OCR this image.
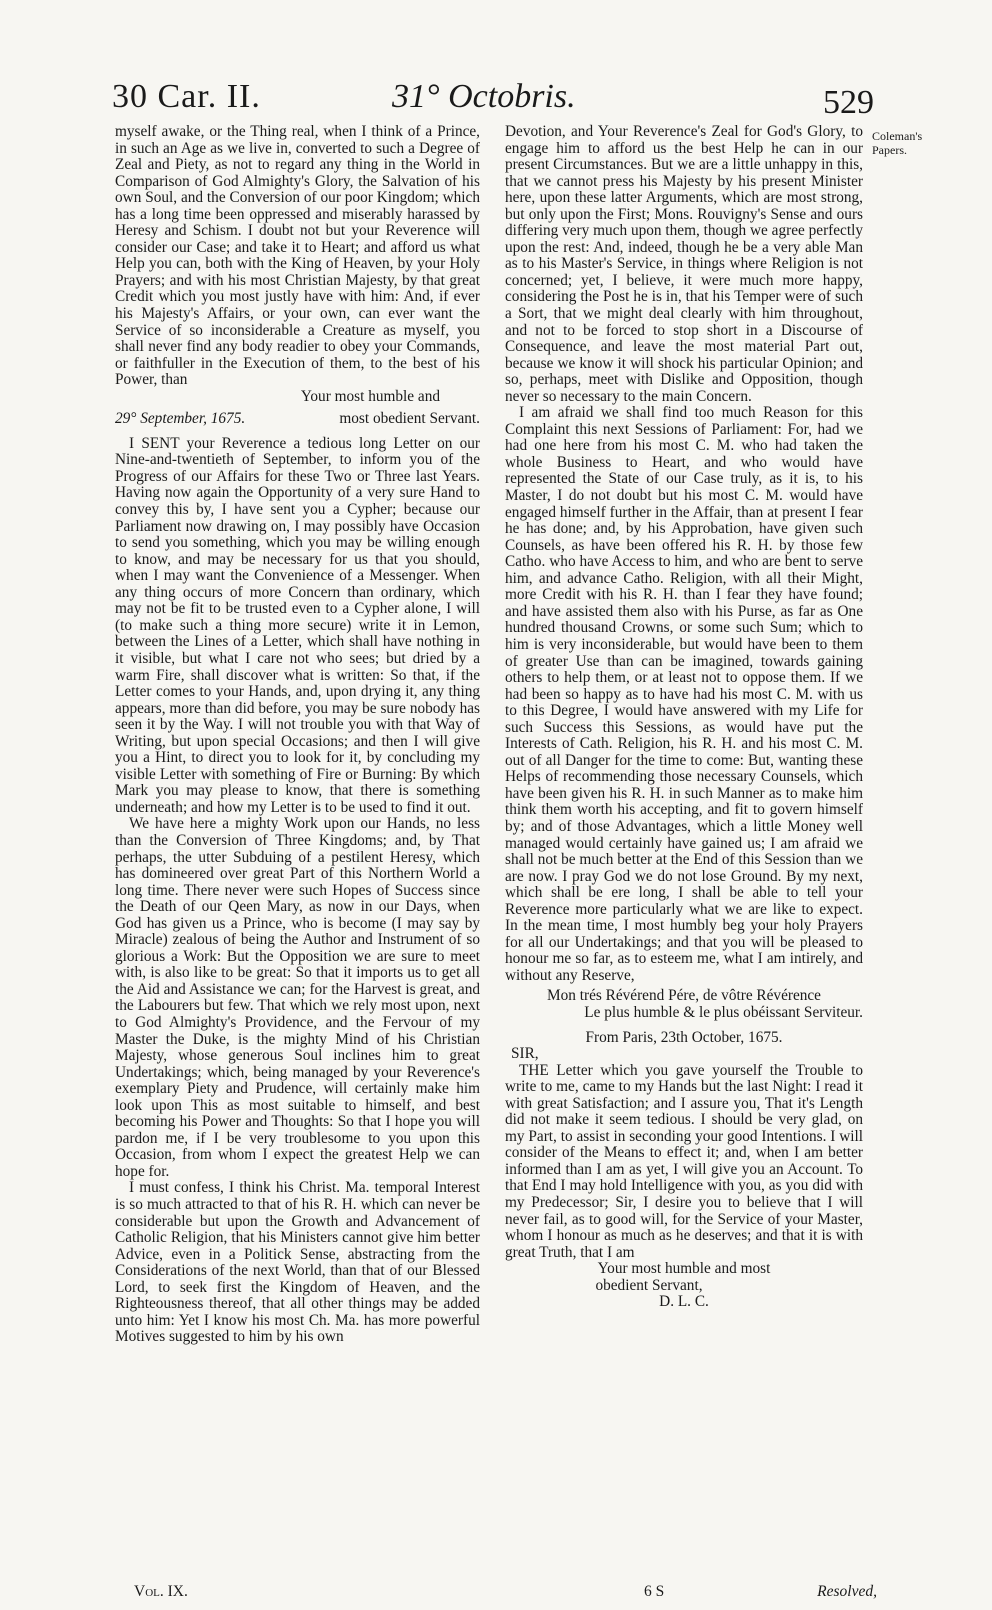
30 Car. II.	31° Octobris.	529

myself awake, or the Thing real, when I think of a Prince, in such an Age as we live in, converted to such a Degree of Zeal and Piety, as not to regard any thing in the World in Comparison of God Almighty's Glory, the Salvation of his own Soul, and the Conversion of our poor Kingdom; which has a long time been oppressed and miserably harassed by Heresy and Schism. I doubt not but your Reverence will consider our Case; and take it to Heart; and afford us what Help you can, both with the King of Heaven, by your Holy Prayers; and with his most Christian Majesty, by that great Credit which you most justly have with him: And, if ever his Majesty's Affairs, or your own, can ever want the Service of so inconsiderable a Creature as myself, you shall never find any body readier to obey your Commands, or faithfuller in the Execution of them, to the best of his Power, than

Your most humble and
29° September, 1675.	most obedient Servant.

I SENT your Reverence a tedious long Letter on our Nine-and-twentieth of September, to inform you of the Progress of our Affairs for these Two or Three last Years. Having now again the Opportunity of a very sure Hand to convey this by, I have sent you a Cypher; because our Parliament now drawing on, I may possibly have Occasion to send you something, which you may be willing enough to know, and may be necessary for us that you should, when I may want the Convenience of a Messenger. When any thing occurs of more Concern than ordinary, which may not be fit to be trusted even to a Cypher alone, I will (to make such a thing more secure) write it in Lemon, between the Lines of a Letter, which shall have nothing in it visible, but what I care not who sees; but dried by a warm Fire, shall discover what is written: So that, if the Letter comes to your Hands, and, upon drying it, any thing appears, more than did before, you may be sure nobody has seen it by the Way. I will not trouble you with that Way of Writing, but upon special Occasions; and then I will give you a Hint, to direct you to look for it, by concluding my visible Letter with something of Fire or Burning: By which Mark you may please to know, that there is something underneath; and how my Letter is to be used to find it out.

We have here a mighty Work upon our Hands, no less than the Conversion of Three Kingdoms; and, by That perhaps, the utter Subduing of a pestilent Heresy, which has domineered over great Part of this Northern World a long time. There never were such Hopes of Success since the Death of our Qeen Mary, as now in our Days, when God has given us a Prince, who is become (I may say by Miracle) zealous of being the Author and Instrument of so glorious a Work: But the Opposition we are sure to meet with, is also like to be great: So that it imports us to get all the Aid and Assistance we can; for the Harvest is great, and the Labourers but few. That which we rely most upon, next to God Almighty's Providence, and the Fervour of my Master the Duke, is the mighty Mind of his Christian Majesty, whose generous Soul inclines him to great Undertakings; which, being managed by your Reverence's exemplary Piety and Prudence, will certainly make him look upon This as most suitable to himself, and best becoming his Power and Thoughts: So that I hope you will pardon me, if I be very troublesome to you upon this Occasion, from whom I expect the greatest Help we can hope for.

I must confess, I think his Christ. Ma. temporal Interest is so much attracted to that of his R. H. which can never be considerable but upon the Growth and Advancement of Catholic Religion, that his Ministers cannot give him better Advice, even in a Politick Sense, abstracting from the Considerations of the next World, than that of our Blessed Lord, to seek first the Kingdom of Heaven, and the Righteousness thereof, that all other things may be added unto him: Yet I know his most Ch. Ma. has more powerful Motives suggested to him by his own

Devotion, and Your Reverence's Zeal for God's Glory, to engage him to afford us the best Help he can in our present Circumstances. But we are a little unhappy in this, that we cannot press his Majesty by his present Minister here, upon these latter Arguments, which are most strong, but only upon the First; Mons. Rouvigny's Sense and ours differing very much upon them, though we agree perfectly upon the rest: And, indeed, though he be a very able Man as to his Master's Service, in things where Religion is not concerned; yet, I believe, it were much more happy, considering the Post he is in, that his Temper were of such a Sort, that we might deal clearly with him throughout, and not to be forced to stop short in a Discourse of Consequence, and leave the most material Part out, because we know it will shock his particular Opinion; and so, perhaps, meet with Dislike and Opposition, though never so necessary to the main Concern.

I am afraid we shall find too much Reason for this Complaint this next Sessions of Parliament: For, had we had one here from his most C. M. who had taken the whole Business to Heart, and who would have represented the State of our Case truly, as it is, to his Master, I do not doubt but his most C. M. would have engaged himself further in the Affair, than at present I fear he has done; and, by his Approbation, have given such Counsels, as have been offered his R. H. by those few Catho. who have Access to him, and who are bent to serve him, and advance Catho. Religion, with all their Might, more Credit with his R. H. than I fear they have found; and have assisted them also with his Purse, as far as One hundred thousand Crowns, or some such Sum; which to him is very inconsiderable, but would have been to them of greater Use than can be imagined, towards gaining others to help them, or at least not to oppose them. If we had been so happy as to have had his most C. M. with us to this Degree, I would have answered with my Life for such Success this Sessions, as would have put the Interests of Cath. Religion, his R. H. and his most C. M. out of all Danger for the time to come: But, wanting these Helps of recommending those necessary Counsels, which have been given his R. H. in such Manner as to make him think them worth his accepting, and fit to govern himself by; and of those Advantages, which a little Money well managed would certainly have gained us; I am afraid we shall not be much better at the End of this Session than we are now. I pray God we do not lose Ground. By my next, which shall be ere long, I shall be able to tell your Reverence more particularly what we are like to expect. In the mean time, I most humbly beg your holy Prayers for all our Undertakings; and that you will be pleased to honour me so far, as to esteem me, what I am intirely, and without any Reserve,

Mon trés Révérend Pére, de vôtre Révérence
Le plus humble & le plus obéissant Serviteur.
From Paris, 23th October, 1675.
SIR,

THE Letter which you gave yourself the Trouble to write to me, came to my Hands but the last Night: I read it with great Satisfaction; and I assure you, That it's Length did not make it seem tedious. I should be very glad, on my Part, to assist in seconding your good Intentions. I will consider of the Means to effect it; and, when I am better informed than I am as yet, I will give you an Account. To that End I may hold Intelligence with you, as you did with my Predecessor; Sir, I desire you to believe that I will never fail, as to good will, for the Service of your Master, whom I honour as much as he deserves; and that it is with great Truth, that I am

Your most humble and most
obedient Servant,
D. L. C.
Coleman's Papers.
Vol. IX.	6 S	Resolved,
